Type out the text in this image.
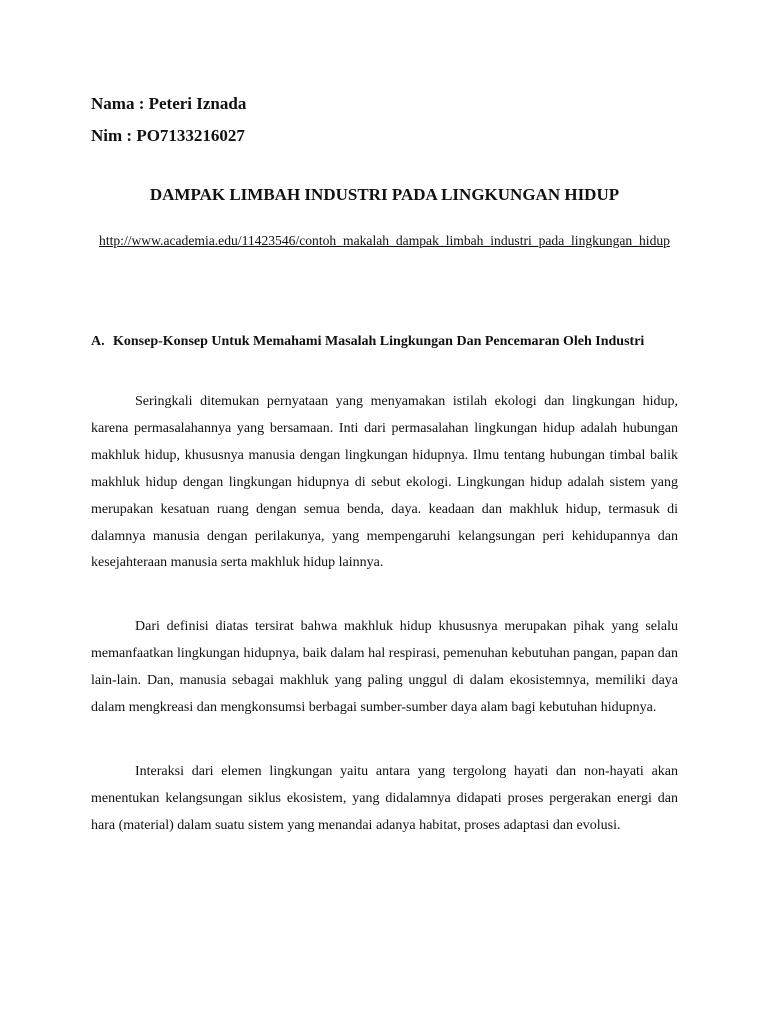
Nama : Peteri Iznada
Nim : PO7133216027
DAMPAK LIMBAH INDUSTRI PADA LINGKUNGAN HIDUP
http://www.academia.edu/11423546/contoh_makalah_dampak_limbah_industri_pada_lingkungan_hidup
A. Konsep-Konsep Untuk Memahami Masalah Lingkungan Dan Pencemaran Oleh Industri

Seringkali ditemukan pernyataan yang menyamakan istilah ekologi dan lingkungan hidup, karena permasalahannya yang bersamaan. Inti dari permasalahan lingkungan hidup adalah hubungan makhluk hidup, khususnya manusia dengan lingkungan hidupnya. Ilmu tentang hubungan timbal balik makhluk hidup dengan lingkungan hidupnya di sebut ekologi. Lingkungan hidup adalah sistem yang merupakan kesatuan ruang dengan semua benda, daya. keadaan dan makhluk hidup, termasuk di dalamnya manusia dengan perilakunya, yang mempengaruhi kelangsungan peri kehidupannya dan kesejahteraan manusia serta makhluk hidup lainnya.

Dari definisi diatas tersirat bahwa makhluk hidup khususnya merupakan pihak yang selalu memanfaatkan lingkungan hidupnya, baik dalam hal respirasi, pemenuhan kebutuhan pangan, papan dan lain-lain. Dan, manusia sebagai makhluk yang paling unggul di dalam ekosistemnya, memiliki daya dalam mengkreasi dan mengkonsumsi berbagai sumber-sumber daya alam bagi kebutuhan hidupnya.

Interaksi dari elemen lingkungan yaitu antara yang tergolong hayati dan non-hayati akan menentukan kelangsungan siklus ekosistem, yang didalamnya didapati proses pergerakan energi dan hara (material) dalam suatu sistem yang menandai adanya habitat, proses adaptasi dan evolusi.
